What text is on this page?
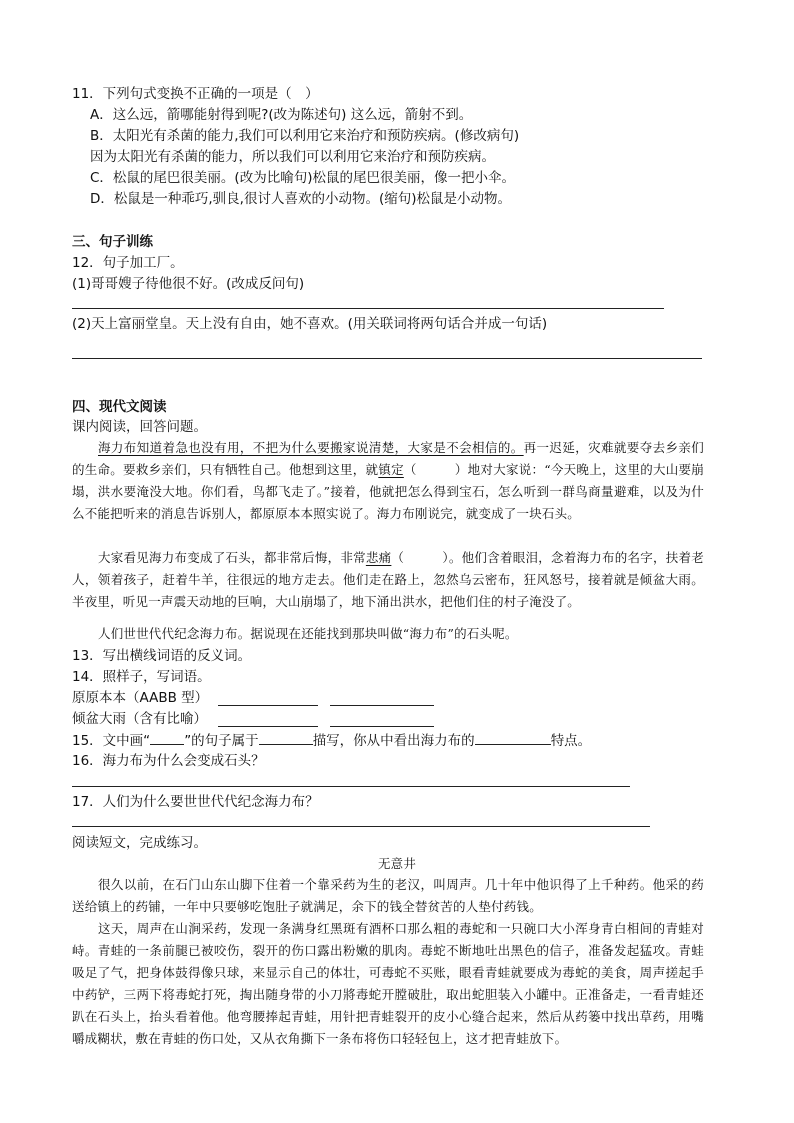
11．下列句式变换不正确的一项是（　）
A．这么远，箭哪能射得到呢?(改为陈述句) 这么远，箭射不到。
B．太阳光有杀菌的能力,我们可以利用它来治疗和预防疾病。(修改病句)
因为太阳光有杀菌的能力，所以我们可以利用它来治疗和预防疾病。
C．松鼠的尾巴很美丽。(改为比喻句)松鼠的尾巴很美丽，像一把小伞。
D．松鼠是一种乖巧,驯良,很讨人喜欢的小动物。(缩句)松鼠是小动物。
三、句子训练
12．句子加工厂。
(1)哥哥嫂子待他很不好。(改成反问句)
(2)天上富丽堂皇。天上没有自由，她不喜欢。(用关联词将两句话合并成一句话)
四、现代文阅读
课内阅读，回答问题。
海力布知道着急也没有用，不把为什么要搬家说清楚，大家是不会相信的。再一迟延，灾难就要夺去乡亲们的生命。要救乡亲们，只有牺牲自己。他想到这里，就镇定（　　　）地对大家说：“今天晚上，这里的大山要崩塌，洪水要淹没大地。你们看，鸟都飞走了。”接着，他就把怎么得到宝石，怎么听到一群鸟商量避难，以及为什么不能把听来的消息告诉别人，都原原本本照实说了。海力布刚说完，就变成了一块石头。
大家看见海力布变成了石头，都非常后悔，非常悲痛（　　　）。他们含着眼泪，念着海力布的名字，扶着老人，领着孩子，赶着牛羊，往很远的地方走去。他们走在路上，忽然乌云密布，狂风怒号，接着就是倾盆大雨。半夜里，听见一声震天动地的巨响，大山崩塌了，地下涌出洪水，把他们住的村子淹没了。
人们世世代代纪念海力布。据说现在还能找到那块叫做“海力布”的石头呢。
13．写出横线词语的反义词。
14．照样子，写词语。
原原本本（AABB 型）
倾盆大雨（含有比喻）
15．文中画“	”的句子属于	描写，你从中看出海力布的	特点。
16．海力布为什么会变成石头？
17．人们为什么要世世代代纪念海力布？
阅读短文，完成练习。
无意井
很久以前，在石门山东山脚下住着一个靠采药为生的老汉，叫周声。几十年中他识得了上千种药。他采的药送给镇上的药铺，一年中只要够吃饱肚子就满足，余下的钱全替贫苦的人垫付药钱。
这天，周声在山涧采药，发现一条满身红黑斑有酒杯口那么粗的毒蛇和一只碗口大小浑身青白相间的青蛙对峙。青蛙的一条前腿已被咬伤，裂开的伤口露出粉嫩的肌肉。毒蛇不断地吐出黑色的信子，准备发起猛攻。青蛙吸足了气，把身体鼓得像只球，来显示自己的体壮，可毒蛇不买账，眼看青蛙就要成为毒蛇的美食，周声搓起手中药铲，三两下将毒蛇打死，掏出随身带的小刀將毒蛇开膛破肚，取出蛇胆装入小罐中。正准备走，一看青蛙还趴在石头上，抬头看着他。他弯腰捧起青蛙，用针把青蛙裂开的皮小心缝合起来，然后从药篓中找出草药，用嘴嚼成糊状，敷在青蛙的伤口处，又从衣角撕下一条布将伤口轻轻包上，这才把青蛙放下。
